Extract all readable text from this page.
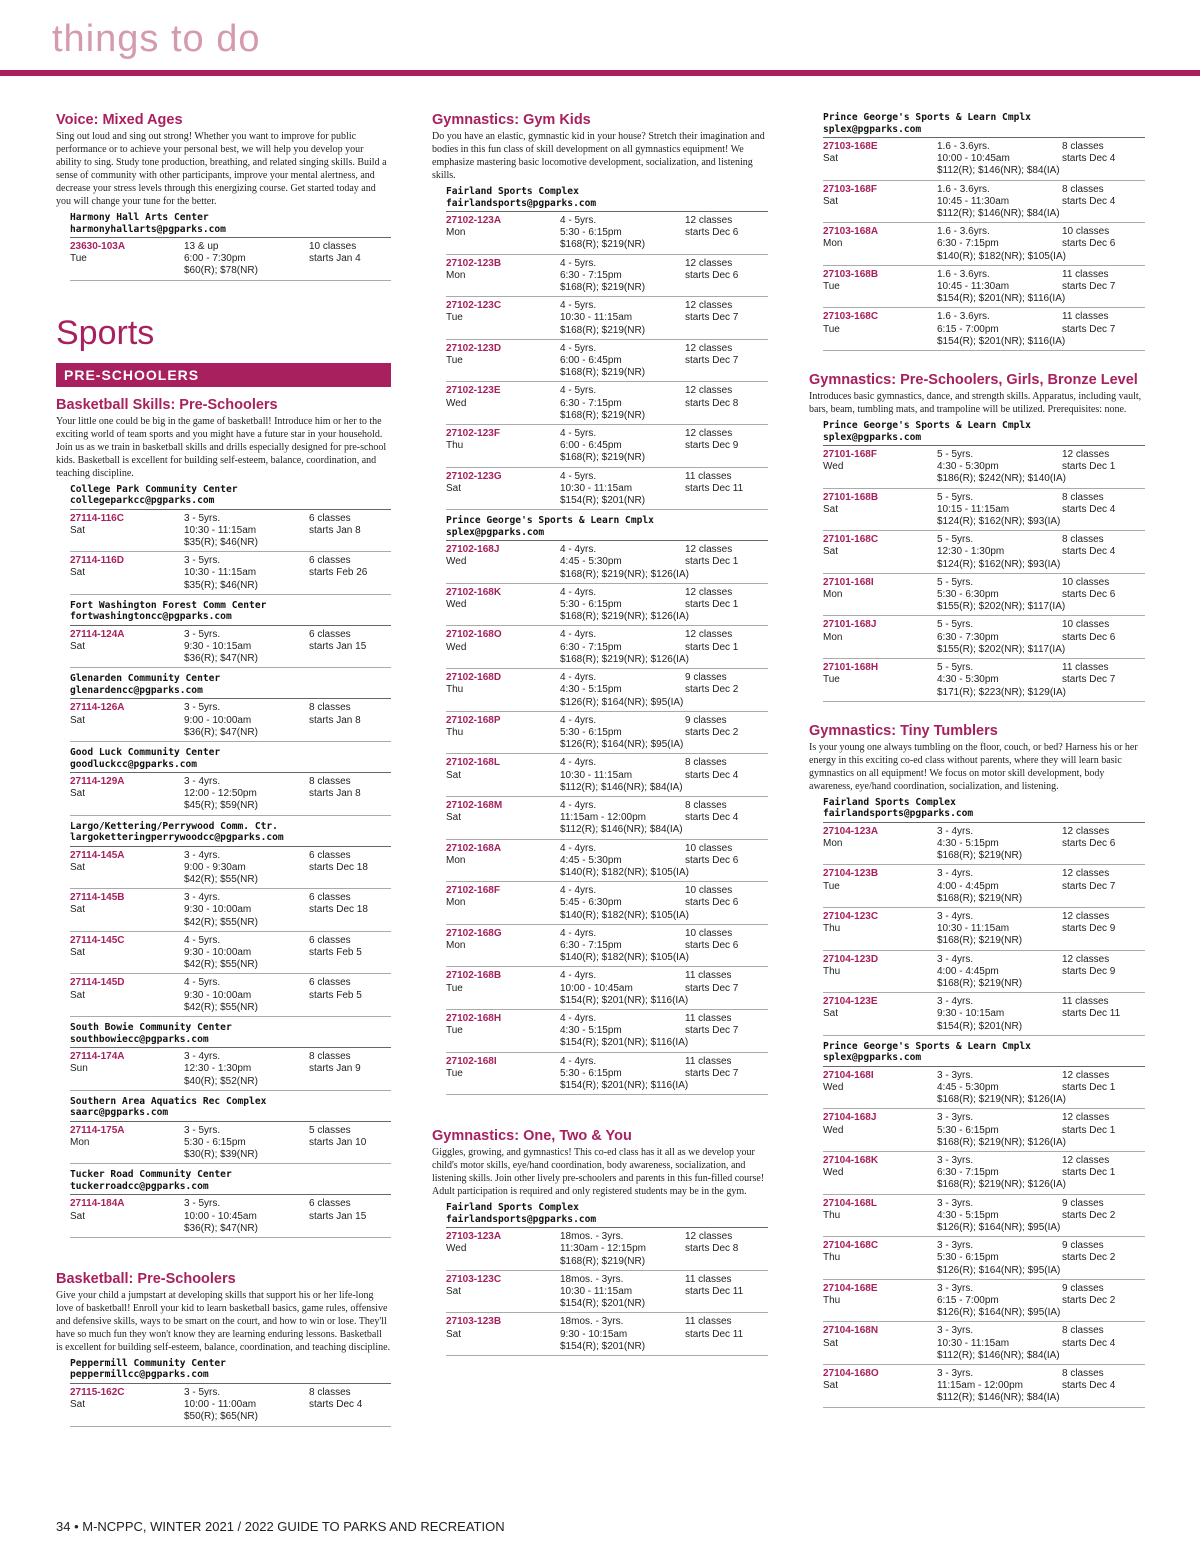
things to do
Voice: Mixed Ages
Sing out loud and sing out strong! Whether you want to improve for public performance or to achieve your personal best, we will help you develop your ability to sing. Study tone production, breathing, and related singing skills. Build a sense of community with other participants, improve your mental alertness, and decrease your stress levels through this energizing course. Get started today and you will change your tune for the better.
Harmony Hall Arts Center
harmonyhallarts@pgparks.com
23630-103A
Tue
13 & up
6:00 - 7:30pm
$60(R); $78(NR)
10 classes
starts Jan 4
Sports
PRE-SCHOOLERS
Basketball Skills: Pre-Schoolers
Your little one could be big in the game of basketball! Introduce him or her to the exciting world of team sports and you might have a future star in your household. Join us as we train in basketball skills and drills especially designed for pre-school kids. Basketball is excellent for building self-esteem, balance, coordination, and teaching discipline.
College Park Community Center
collegeparkcc@pgparks.com
27114-116C
Sat
3 - 5yrs.
10:30 - 11:15am
$35(R); $46(NR)
6 classes
starts Jan 8
27114-116D
Sat
3 - 5yrs.
10:30 - 11:15am
$35(R); $46(NR)
6 classes
starts Feb 26
Fort Washington Forest Comm Center
fortwashingtoncc@pgparks.com
27114-124A
Sat
3 - 5yrs.
9:30 - 10:15am
$36(R); $47(NR)
6 classes
starts Jan 15
Glenarden Community Center
glenardencc@pgparks.com
27114-126A
Sat
3 - 5yrs.
9:00 - 10:00am
$36(R); $47(NR)
8 classes
starts Jan 8
Good Luck Community Center
goodluckcc@pgparks.com
27114-129A
Sat
3 - 4yrs.
12:00 - 12:50pm
$45(R); $59(NR)
8 classes
starts Jan 8
Largo/Kettering/Perrywood Comm. Ctr.
largoketteringperrywoodcc@pgparks.com
27114-145A
Sat
3 - 4yrs.
9:00 - 9:30am
$42(R); $55(NR)
6 classes
starts Dec 18
27114-145B
Sat
3 - 4yrs.
9:30 - 10:00am
$42(R); $55(NR)
6 classes
starts Dec 18
27114-145C
Sat
4 - 5yrs.
9:30 - 10:00am
$42(R); $55(NR)
6 classes
starts Feb 5
27114-145D
Sat
4 - 5yrs.
9:30 - 10:00am
$42(R); $55(NR)
6 classes
starts Feb 5
South Bowie Community Center
southbowiecc@pgparks.com
27114-174A
Sun
3 - 4yrs.
12:30 - 1:30pm
$40(R); $52(NR)
8 classes
starts Jan 9
Southern Area Aquatics Rec Complex
saarc@pgparks.com
27114-175A
Mon
3 - 5yrs.
5:30 - 6:15pm
$30(R); $39(NR)
5 classes
starts Jan 10
Tucker Road Community Center
tuckerroadcc@pgparks.com
27114-184A
Sat
3 - 5yrs.
10:00 - 10:45am
$36(R); $47(NR)
6 classes
starts Jan 15
Basketball: Pre-Schoolers
Give your child a jumpstart at developing skills that support his or her life-long love of basketball! Enroll your kid to learn basketball basics, game rules, offensive and defensive skills, ways to be smart on the court, and how to win or lose. They'll have so much fun they won't know they are learning enduring lessons. Basketball is excellent for building self-esteem, balance, coordination, and teaching discipline.
Peppermill Community Center
peppermillcc@pgparks.com
27115-162C
Sat
3 - 5yrs.
10:00 - 11:00am
$50(R); $65(NR)
8 classes
starts Dec 4
Gymnastics: Gym Kids
Do you have an elastic, gymnastic kid in your house? Stretch their imagination and bodies in this fun class of skill development on all gymnastics equipment! We emphasize mastering basic locomotive development, socialization, and listening skills.
Fairland Sports Complex
fairlandsports@pgparks.com
27102-123A
Mon
4 - 5yrs.
5:30 - 6:15pm
$168(R); $219(NR)
12 classes
starts Dec 6
27102-123B
Mon
4 - 5yrs.
6:30 - 7:15pm
$168(R); $219(NR)
12 classes
starts Dec 6
27102-123C
Tue
4 - 5yrs.
10:30 - 11:15am
$168(R); $219(NR)
12 classes
starts Dec 7
27102-123D
Tue
4 - 5yrs.
6:00 - 6:45pm
$168(R); $219(NR)
12 classes
starts Dec 7
27102-123E
Wed
4 - 5yrs.
6:30 - 7:15pm
$168(R); $219(NR)
12 classes
starts Dec 8
27102-123F
Thu
4 - 5yrs.
6:00 - 6:45pm
$168(R); $219(NR)
12 classes
starts Dec 9
27102-123G
Sat
4 - 5yrs.
10:30 - 11:15am
$154(R); $201(NR)
11 classes
starts Dec 11
Prince George's Sports & Learn Cmplx
splex@pgparks.com
27102-168J
Wed
4 - 4yrs.
4:45 - 5:30pm
$168(R); $219(NR); $126(IA)
12 classes
starts Dec 1
27102-168K
Wed
4 - 4yrs.
5:30 - 6:15pm
$168(R); $219(NR); $126(IA)
12 classes
starts Dec 1
27102-168O
Wed
4 - 4yrs.
6:30 - 7:15pm
$168(R); $219(NR); $126(IA)
12 classes
starts Dec 1
27102-168D
Thu
4 - 4yrs.
4:30 - 5:15pm
$126(R); $164(NR); $95(IA)
9 classes
starts Dec 2
27102-168P
Thu
4 - 4yrs.
5:30 - 6:15pm
$126(R); $164(NR); $95(IA)
9 classes
starts Dec 2
27102-168L
Sat
4 - 4yrs.
10:30 - 11:15am
$112(R); $146(NR); $84(IA)
8 classes
starts Dec 4
27102-168M
Sat
4 - 4yrs.
11:15am - 12:00pm
$112(R); $146(NR); $84(IA)
8 classes
starts Dec 4
27102-168A
Mon
4 - 4yrs.
4:45 - 5:30pm
$140(R); $182(NR); $105(IA)
10 classes
starts Dec 6
27102-168F
Mon
4 - 4yrs.
5:45 - 6:30pm
$140(R); $182(NR); $105(IA)
10 classes
starts Dec 6
27102-168G
Mon
4 - 4yrs.
6:30 - 7:15pm
$140(R); $182(NR); $105(IA)
10 classes
starts Dec 6
27102-168B
Tue
4 - 4yrs.
10:00 - 10:45am
$154(R); $201(NR); $116(IA)
11 classes
starts Dec 7
27102-168H
Tue
4 - 4yrs.
4:30 - 5:15pm
$154(R); $201(NR); $116(IA)
11 classes
starts Dec 7
27102-168I
Tue
4 - 4yrs.
5:30 - 6:15pm
$154(R); $201(NR); $116(IA)
11 classes
starts Dec 7
Gymnastics: One, Two & You
Giggles, growing, and gymnastics! This co-ed class has it all as we develop your child's motor skills, eye/hand coordination, body awareness, socialization, and listening skills. Join other lively pre-schoolers and parents in this fun-filled course! Adult participation is required and only registered students may be in the gym.
Fairland Sports Complex
fairlandsports@pgparks.com
27103-123A
Wed
18mos. - 3yrs.
11:30am - 12:15pm
$168(R); $219(NR)
12 classes
starts Dec 8
27103-123C
Sat
18mos. - 3yrs.
10:30 - 11:15am
$154(R); $201(NR)
11 classes
starts Dec 11
27103-123B
Sat
18mos. - 3yrs.
9:30 - 10:15am
$154(R); $201(NR)
11 classes
starts Dec 11
Prince George's Sports & Learn Cmplx
splex@pgparks.com
27103-168E
Sat
1.6 - 3.6yrs.
10:00 - 10:45am
$112(R); $146(NR); $84(IA)
8 classes
starts Dec 4
27103-168F
Sat
1.6 - 3.6yrs.
10:45 - 11:30am
$112(R); $146(NR); $84(IA)
8 classes
starts Dec 4
27103-168A
Mon
1.6 - 3.6yrs.
6:30 - 7:15pm
$140(R); $182(NR); $105(IA)
10 classes
starts Dec 6
27103-168B
Tue
1.6 - 3.6yrs.
10:45 - 11:30am
$154(R); $201(NR); $116(IA)
11 classes
starts Dec 7
27103-168C
Tue
1.6 - 3.6yrs.
6:15 - 7:00pm
$154(R); $201(NR); $116(IA)
11 classes
starts Dec 7
Gymnastics: Pre-Schoolers, Girls, Bronze Level
Introduces basic gymnastics, dance, and strength skills. Apparatus, including vault, bars, beam, tumbling mats, and trampoline will be utilized. Prerequisites: none.
Prince George's Sports & Learn Cmplx
splex@pgparks.com
27101-168F
Wed
5 - 5yrs.
4:30 - 5:30pm
$186(R); $242(NR); $140(IA)
12 classes
starts Dec 1
27101-168B
Sat
5 - 5yrs.
10:15 - 11:15am
$124(R); $162(NR); $93(IA)
8 classes
starts Dec 4
27101-168C
Sat
5 - 5yrs.
12:30 - 1:30pm
$124(R); $162(NR); $93(IA)
8 classes
starts Dec 4
27101-168I
Mon
5 - 5yrs.
5:30 - 6:30pm
$155(R); $202(NR); $117(IA)
10 classes
starts Dec 6
27101-168J
Mon
5 - 5yrs.
6:30 - 7:30pm
$155(R); $202(NR); $117(IA)
10 classes
starts Dec 6
27101-168H
Tue
5 - 5yrs.
4:30 - 5:30pm
$171(R); $223(NR); $129(IA)
11 classes
starts Dec 7
Gymnastics: Tiny Tumblers
Is your young one always tumbling on the floor, couch, or bed? Harness his or her energy in this exciting co-ed class without parents, where they will learn basic gymnastics on all equipment! We focus on motor skill development, body awareness, eye/hand coordination, socialization, and listening.
Fairland Sports Complex
fairlandsports@pgparks.com
27104-123A
Mon
3 - 4yrs.
4:30 - 5:15pm
$168(R); $219(NR)
12 classes
starts Dec 6
27104-123B
Tue
3 - 4yrs.
4:00 - 4:45pm
$168(R); $219(NR)
12 classes
starts Dec 7
27104-123C
Thu
3 - 4yrs.
10:30 - 11:15am
$168(R); $219(NR)
12 classes
starts Dec 9
27104-123D
Thu
3 - 4yrs.
4:00 - 4:45pm
$168(R); $219(NR)
12 classes
starts Dec 9
27104-123E
Sat
3 - 4yrs.
9:30 - 10:15am
$154(R); $201(NR)
11 classes
starts Dec 11
Prince George's Sports & Learn Cmplx
splex@pgparks.com
27104-168I
Wed
3 - 3yrs.
4:45 - 5:30pm
$168(R); $219(NR); $126(IA)
12 classes
starts Dec 1
27104-168J
Wed
3 - 3yrs.
5:30 - 6:15pm
$168(R); $219(NR); $126(IA)
12 classes
starts Dec 1
27104-168K
Wed
3 - 3yrs.
6:30 - 7:15pm
$168(R); $219(NR); $126(IA)
12 classes
starts Dec 1
27104-168L
Thu
3 - 3yrs.
4:30 - 5:15pm
$126(R); $164(NR); $95(IA)
9 classes
starts Dec 2
27104-168C
Thu
3 - 3yrs.
5:30 - 6:15pm
$126(R); $164(NR); $95(IA)
9 classes
starts Dec 2
27104-168E
Thu
3 - 3yrs.
6:15 - 7:00pm
$126(R); $164(NR); $95(IA)
9 classes
starts Dec 2
27104-168N
Sat
3 - 3yrs.
10:30 - 11:15am
$112(R); $146(NR); $84(IA)
8 classes
starts Dec 4
27104-168O
Sat
3 - 3yrs.
11:15am - 12:00pm
$112(R); $146(NR); $84(IA)
8 classes
starts Dec 4
34 • M-NCPPC, WINTER 2021 / 2022 GUIDE TO PARKS AND RECREATION
